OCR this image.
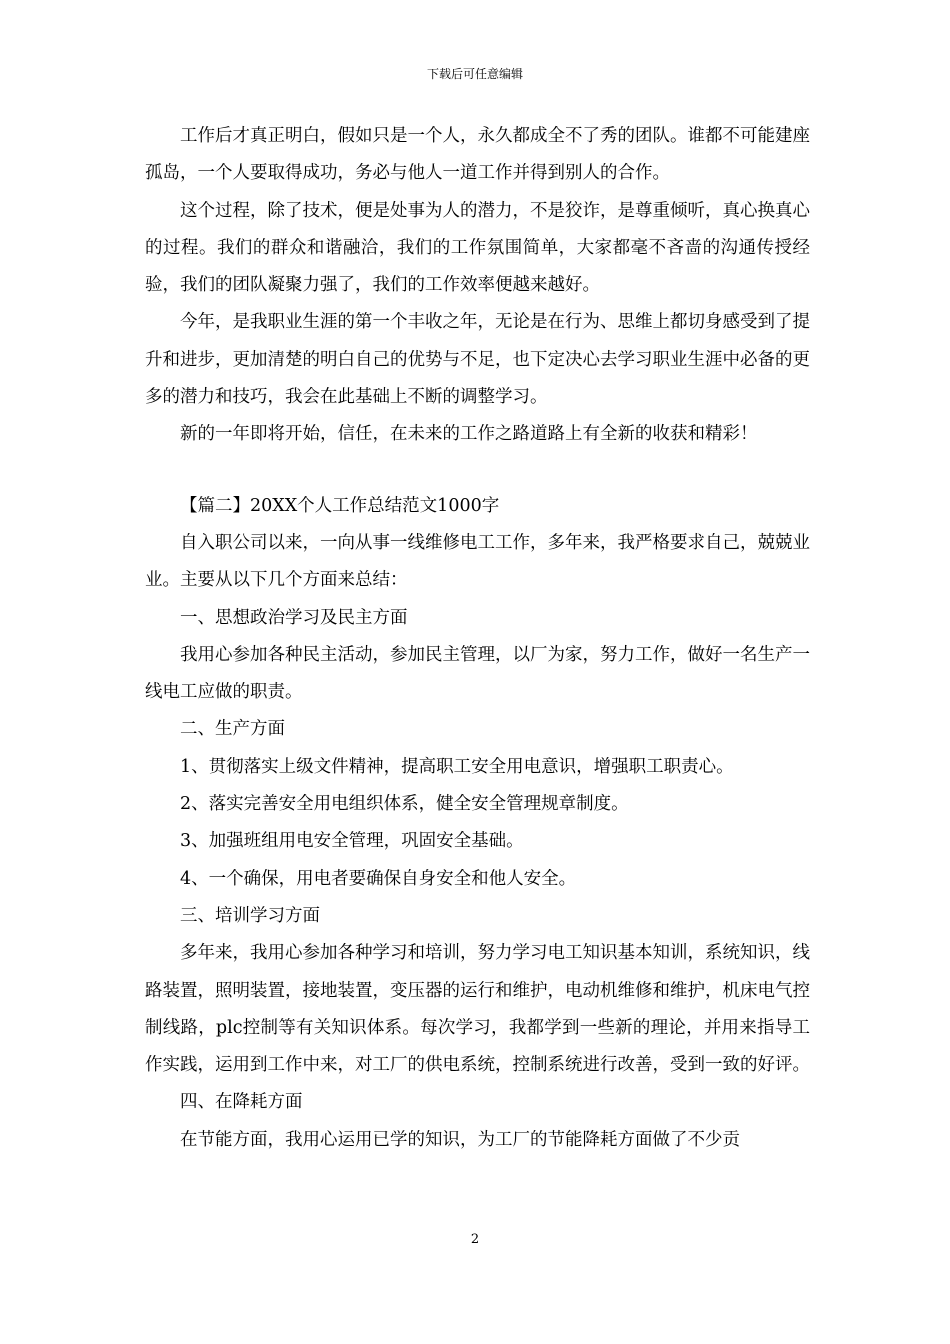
下载后可任意编辑

工作后才真正明白，假如只是一个人，永久都成全不了秀的团队。谁都不可能建座孤岛，一个人要取得成功，务必与他人一道工作并得到别人的合作。

这个过程，除了技术，便是处事为人的潜力，不是狡诈，是尊重倾听，真心换真心的过程。我们的群众和谐融洽，我们的工作氛围简单，大家都毫不吝啬的沟通传授经验，我们的团队凝聚力强了，我们的工作效率便越来越好。

今年，是我职业生涯的第一个丰收之年，无论是在行为、思维上都切身感受到了提升和进步，更加清楚的明白自己的优势与不足，也下定决心去学习职业生涯中必备的更多的潜力和技巧，我会在此基础上不断的调整学习。

新的一年即将开始，信任，在未来的工作之路道路上有全新的收获和精彩！

【篇二】20XX个人工作总结范文1000字

自入职公司以来，一向从事一线维修电工工作，多年来，我严格要求自己，兢兢业业。主要从以下几个方面来总结：

一、思想政治学习及民主方面

我用心参加各种民主活动，参加民主管理，以厂为家，努力工作，做好一名生产一线电工应做的职责。

二、生产方面

1、贯彻落实上级文件精神，提高职工安全用电意识，增强职工职责心。

2、落实完善安全用电组织体系，健全安全管理规章制度。

3、加强班组用电安全管理，巩固安全基础。

4、一个确保，用电者要确保自身安全和他人安全。

三、培训学习方面

多年来，我用心参加各种学习和培训，努力学习电工知识基本知训，系统知识，线路装置，照明装置，接地装置，变压器的运行和维护，电动机维修和维护，机床电气控制线路，plc控制等有关知识体系。每次学习，我都学到一些新的理论，并用来指导工作实践，运用到工作中来，对工厂的供电系统，控制系统进行改善，受到一致的好评。

四、在降耗方面

在节能方面，我用心运用已学的知识，为工厂的节能降耗方面做了不少贡

2
